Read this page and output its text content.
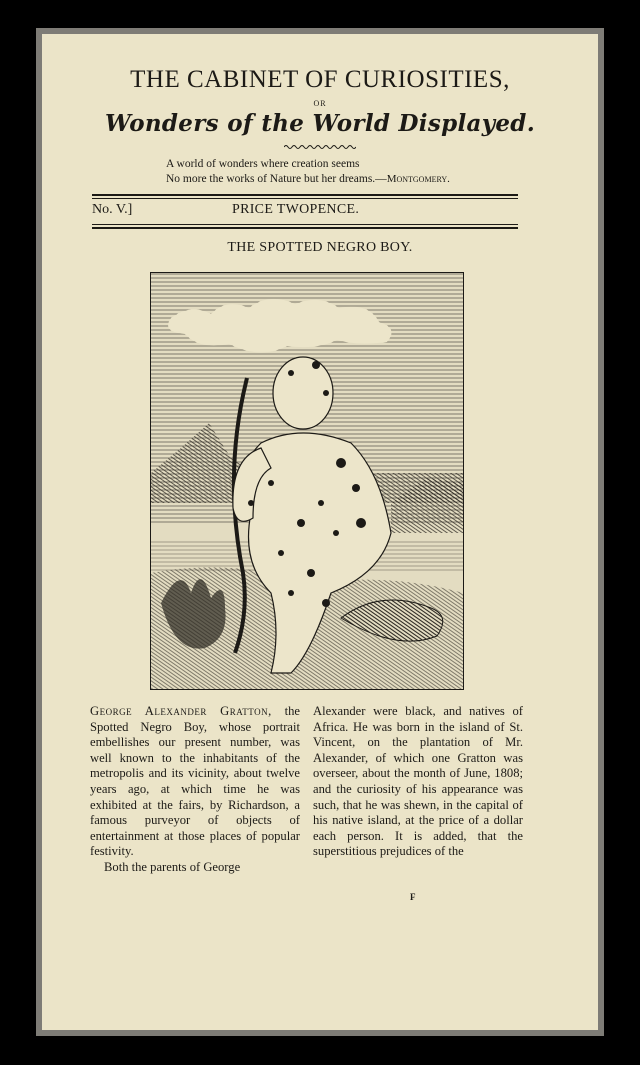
THE CABINET OF CURIOSITIES,
OR
Wonders of the World Displayed.
A world of wonders where creation seems
No more the works of Nature but her dreams.—Montgomery.
No. V.]	PRICE TWOPENCE.
THE SPOTTED NEGRO BOY.

George Alexander Gratton, the Spotted Negro Boy, whose portrait embellishes our present number, was well known to the inhabitants of the metropolis and its vicinity, about twelve years ago, at which time he was exhibited at the fairs, by Richardson, a famous purveyor of objects of entertainment at those places of popular festivity.

Both the parents of George

Alexander were black, and natives of Africa. He was born in the island of St. Vincent, on the plantation of Mr. Alexander, of which one Gratton was overseer, about the month of June, 1808; and the curiosity of his appearance was such, that he was shewn, in the capital of his native island, at the price of a dollar each person. It is added, that the superstitious prejudices of the

F
